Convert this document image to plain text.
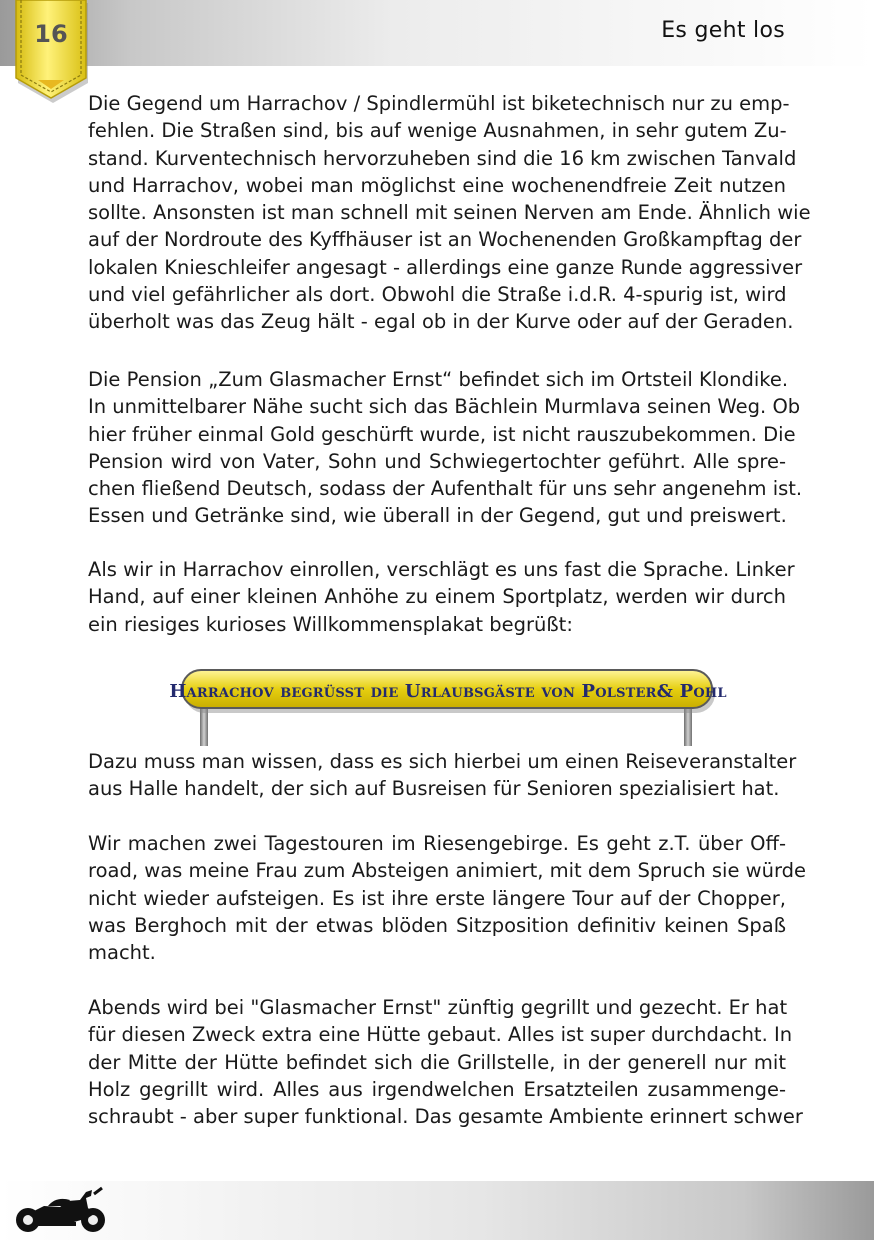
Es geht los
16

Die Gegend um Harrachov / Spindlermühl ist biketechnisch nur zu emp-
fehlen. Die Straßen sind, bis auf wenige Ausnahmen, in sehr gutem Zu-
stand. Kurventechnisch hervorzuheben sind die 16 km zwischen Tanvald
und Harrachov, wobei man möglichst eine wochenendfreie Zeit nutzen
sollte. Ansonsten ist man schnell mit seinen Nerven am Ende. Ähnlich wie
auf der Nordroute des Kyffhäuser ist an Wochenenden Großkampftag der
lokalen Knieschleifer angesagt - allerdings eine ganze Runde aggressiver
und viel gefährlicher als dort. Obwohl die Straße i.d.R. 4-spurig ist, wird
überholt was das Zeug hält - egal ob in der Kurve oder auf der Geraden.

Die Pension „Zum Glasmacher Ernst“ befindet sich im Ortsteil Klondike.
In unmittelbarer Nähe sucht sich das Bächlein Murmlava seinen Weg. Ob
hier früher einmal Gold geschürft wurde, ist nicht rauszubekommen. Die
Pension wird von Vater, Sohn und Schwiegertochter geführt. Alle spre-
chen fließend Deutsch, sodass der Aufenthalt für uns sehr angenehm ist.
Essen und Getränke sind, wie überall in der Gegend, gut und preiswert.

Als wir in Harrachov einrollen, verschlägt es uns fast die Sprache. Linker
Hand, auf einer kleinen Anhöhe zu einem Sportplatz, werden wir durch
ein riesiges kurioses Willkommensplakat begrüßt:

Harrachov begrüsst die Urlaubsgäste von Polster& Pohl

Dazu muss man wissen, dass es sich hierbei um einen Reiseveranstalter
aus Halle handelt, der sich auf Busreisen für Senioren spezialisiert hat.

Wir machen zwei Tagestouren im Riesengebirge. Es geht z.T. über Off-
road, was meine Frau zum Absteigen animiert, mit dem Spruch sie würde
nicht wieder aufsteigen. Es ist ihre erste längere Tour auf der Chopper,
was Berghoch mit der etwas blöden Sitzposition definitiv keinen Spaß
macht.

Abends wird bei "Glasmacher Ernst" zünftig gegrillt und gezecht. Er hat
für diesen Zweck extra eine Hütte gebaut. Alles ist super durchdacht. In
der Mitte der Hütte befindet sich die Grillstelle, in der generell nur mit
Holz gegrillt wird. Alles aus irgendwelchen Ersatzteilen zusammenge-
schraubt - aber super funktional. Das gesamte Ambiente erinnert schwer
